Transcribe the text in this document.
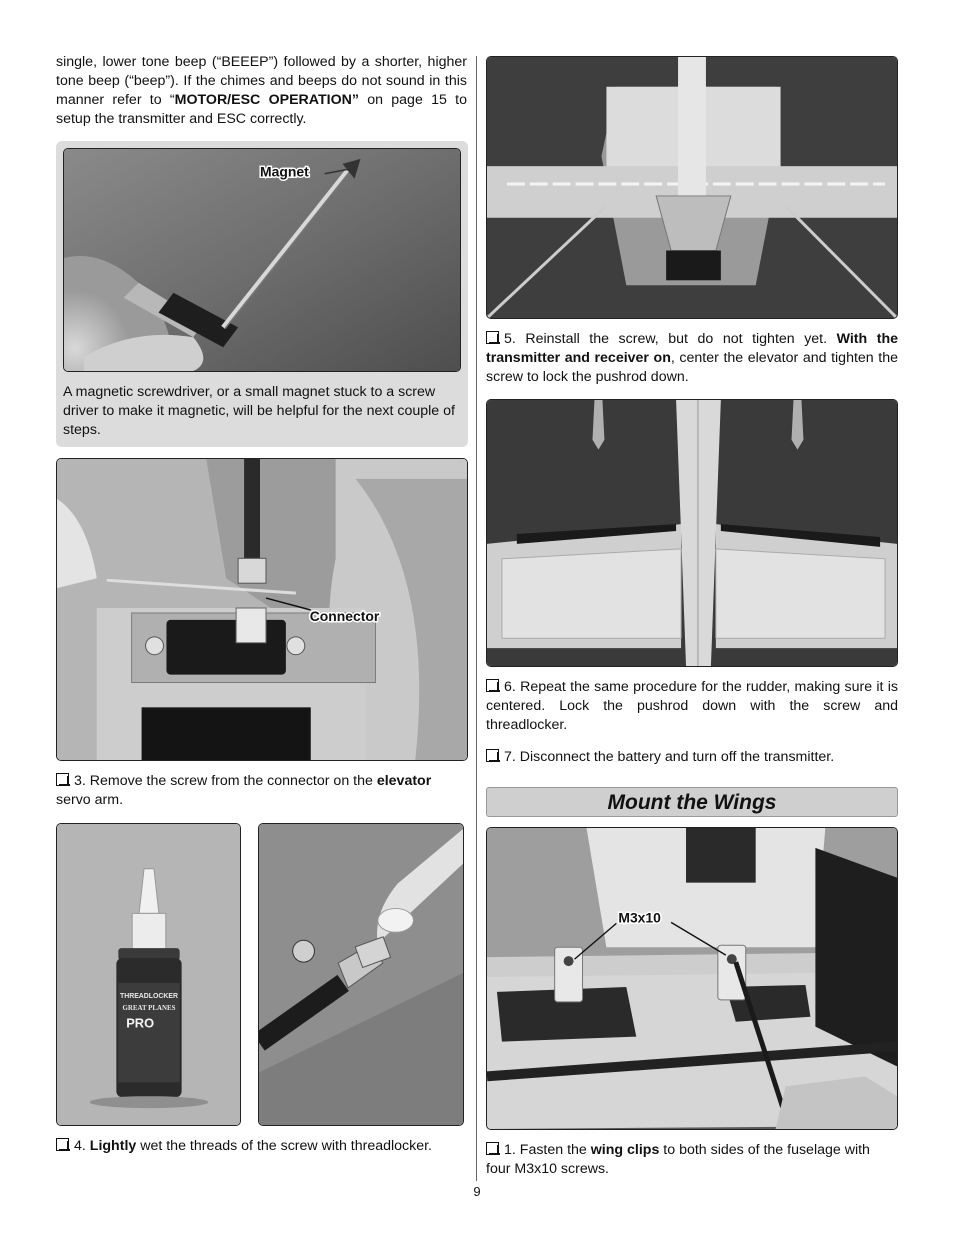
single, lower tone beep (“BEEEP”) followed by a shorter, higher tone beep (“beep”). If the chimes and beeps do not sound in this manner refer to “MOTOR/ESC OPERATION” on page 15 to setup the transmitter and ESC correctly.

Magnet

A magnetic screwdriver, or a small magnet stuck to a screw driver to make it magnetic, will be helpful for the next couple of steps.

Connector

3. Remove the screw from the connector on the elevator servo arm.

THREADLOCKER
GREAT PLANES
PRO

4. Lightly wet the threads of the screw with threadlocker.

5. Reinstall the screw, but do not tighten yet. With the transmitter and receiver on, center the elevator and tighten the screw to lock the pushrod down.

6. Repeat the same procedure for the rudder, making sure it is centered. Lock the pushrod down with the screw and threadlocker.

7. Disconnect the battery and turn off the transmitter.

Mount the Wings
M3x10

1. Fasten the wing clips to both sides of the fuselage with four M3x10 screws.

9
